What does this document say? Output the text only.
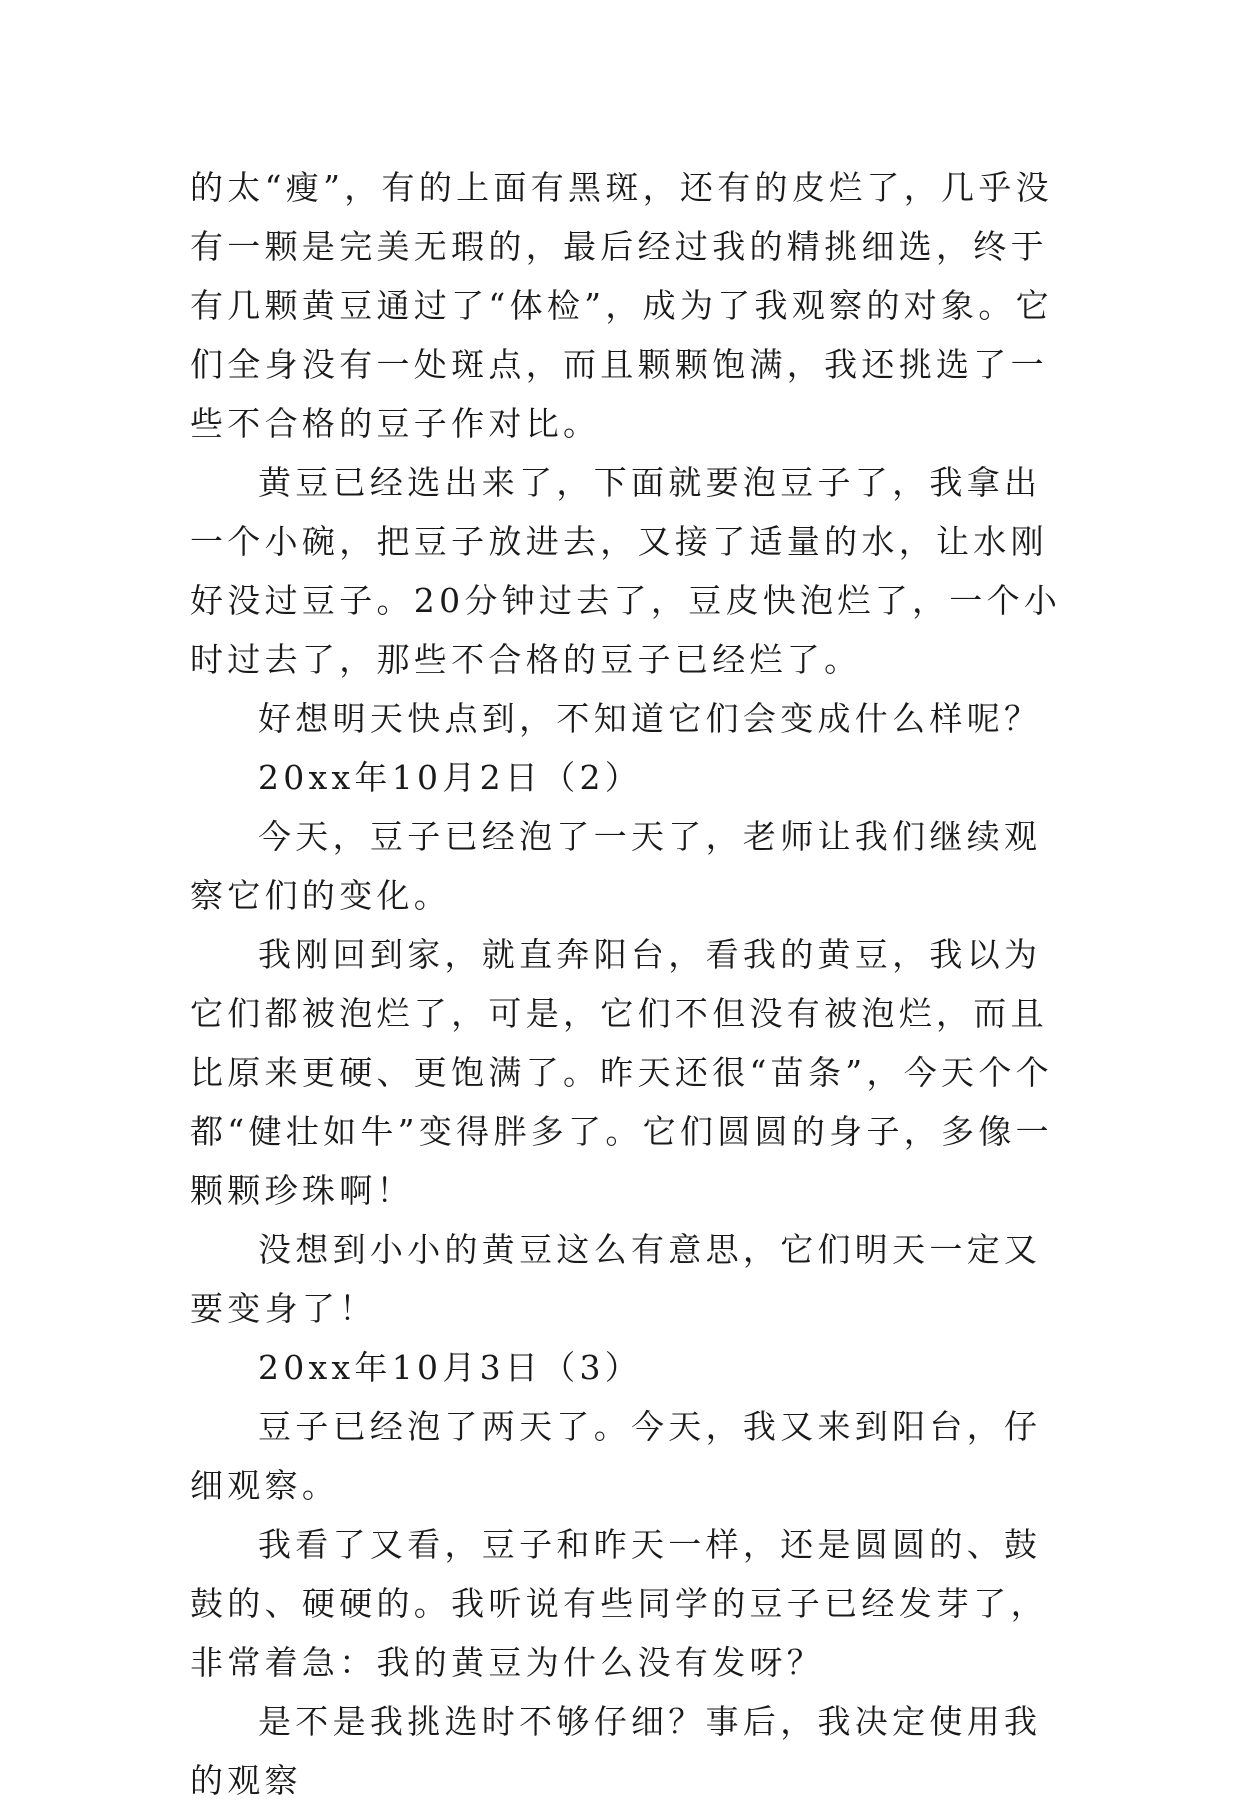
的太“瘦”，有的上面有黑斑，还有的皮烂了，几乎没有一颗是完美无瑕的，最后经过我的精挑细选，终于有几颗黄豆通过了“体检”，成为了我观察的对象。它们全身没有一处斑点，而且颗颗饱满，我还挑选了一些不合格的豆子作对比。

黄豆已经选出来了，下面就要泡豆子了，我拿出一个小碗，把豆子放进去，又接了适量的水，让水刚好没过豆子。20分钟过去了，豆皮快泡烂了，一个小时过去了，那些不合格的豆子已经烂了。

好想明天快点到，不知道它们会变成什么样呢？

20xx年10月2日（2）

今天，豆子已经泡了一天了，老师让我们继续观察它们的变化。

我刚回到家，就直奔阳台，看我的黄豆，我以为它们都被泡烂了，可是，它们不但没有被泡烂，而且比原来更硬、更饱满了。昨天还很“苗条”，今天个个都“健壮如牛”变得胖多了。它们圆圆的身子，多像一颗颗珍珠啊！

没想到小小的黄豆这么有意思，它们明天一定又要变身了！

20xx年10月3日（3）

豆子已经泡了两天了。今天，我又来到阳台，仔细观察。

我看了又看，豆子和昨天一样，还是圆圆的、鼓鼓的、硬硬的。我听说有些同学的豆子已经发芽了，非常着急：我的黄豆为什么没有发呀？

是不是我挑选时不够仔细？事后，我决定使用我的观察
